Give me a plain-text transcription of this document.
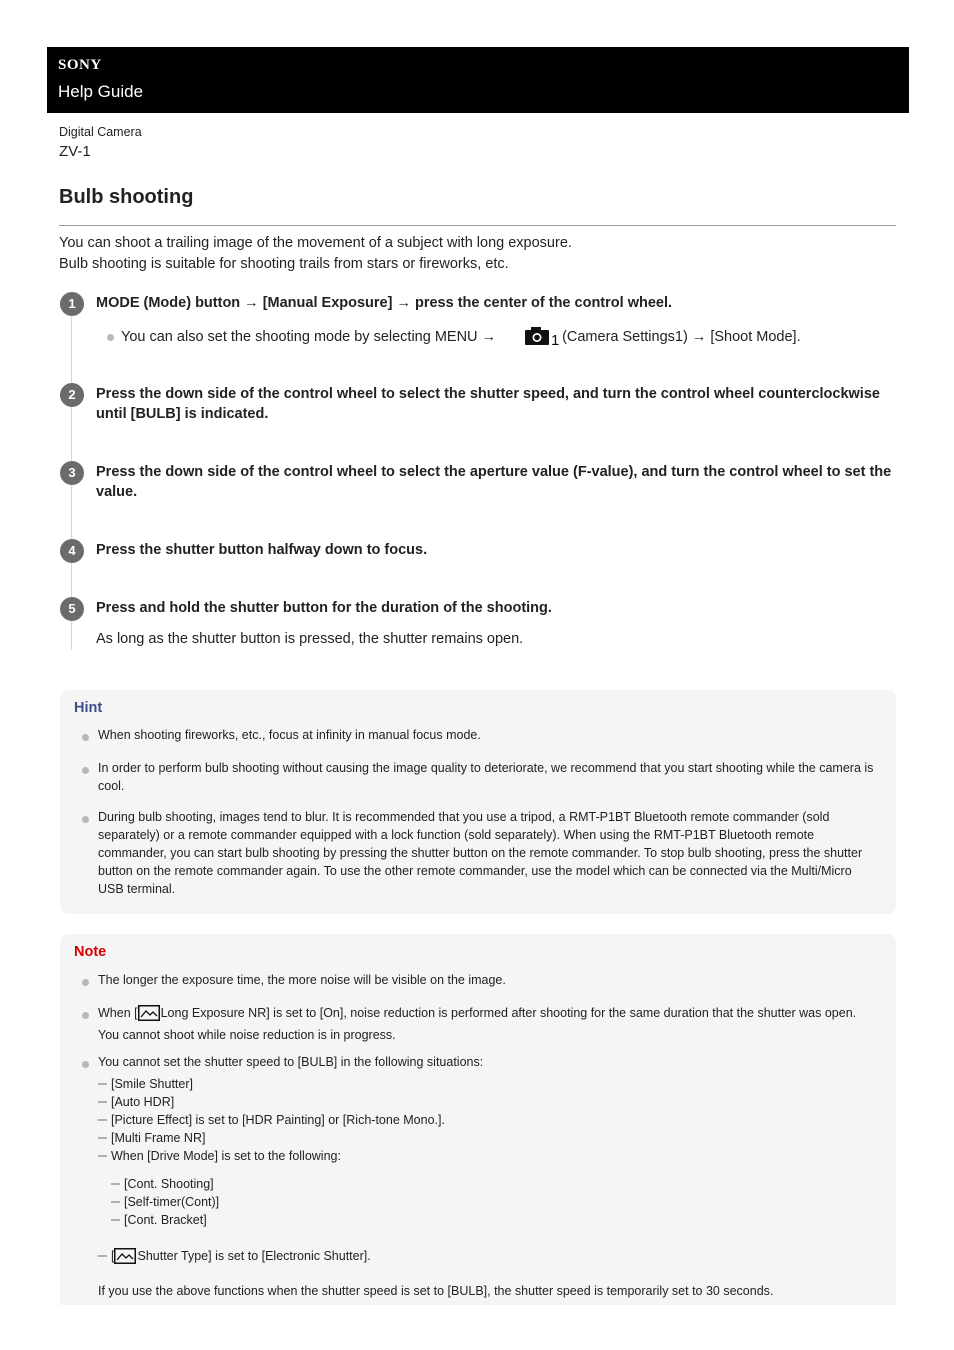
SONY
Help Guide
Digital Camera
ZV-1
Bulb shooting
You can shoot a trailing image of the movement of a subject with long exposure.
Bulb shooting is suitable for shooting trails from stars or fireworks, etc.
1	MODE (Mode) button → [Manual Exposure] → press the center of the control wheel.
You can also set the shooting mode by selecting MENU →	1 (Camera Settings1) → [Shoot Mode].
2	Press the down side of the control wheel to select the shutter speed, and turn the control wheel counterclockwise until [BULB] is indicated.
3	Press the down side of the control wheel to select the aperture value (F-value), and turn the control wheel to set the value.
4	Press the shutter button halfway down to focus.
5	Press and hold the shutter button for the duration of the shooting.
As long as the shutter button is pressed, the shutter remains open.
Hint
When shooting fireworks, etc., focus at infinity in manual focus mode.
In order to perform bulb shooting without causing the image quality to deteriorate, we recommend that you start shooting while the camera is cool.
During bulb shooting, images tend to blur. It is recommended that you use a tripod, a RMT-P1BT Bluetooth remote commander (sold separately) or a remote commander equipped with a lock function (sold separately). When using the RMT-P1BT Bluetooth remote commander, you can start bulb shooting by pressing the shutter button on the remote commander. To stop bulb shooting, press the shutter button on the remote commander again. To use the other remote commander, use the model which can be connected via the Multi/Micro USB terminal.
Note
The longer the exposure time, the more noise will be visible on the image.
When [ Long Exposure NR] is set to [On], noise reduction is performed after shooting for the same duration that the shutter was open. You cannot shoot while noise reduction is in progress.
You cannot set the shutter speed to [BULB] in the following situations:
[Smile Shutter]
[Auto HDR]
[Picture Effect] is set to [HDR Painting] or [Rich-tone Mono.].
[Multi Frame NR]
When [Drive Mode] is set to the following:
[Cont. Shooting]
[Self-timer(Cont)]
[Cont. Bracket]
[ Shutter Type] is set to [Electronic Shutter].
If you use the above functions when the shutter speed is set to [BULB], the shutter speed is temporarily set to 30 seconds.
